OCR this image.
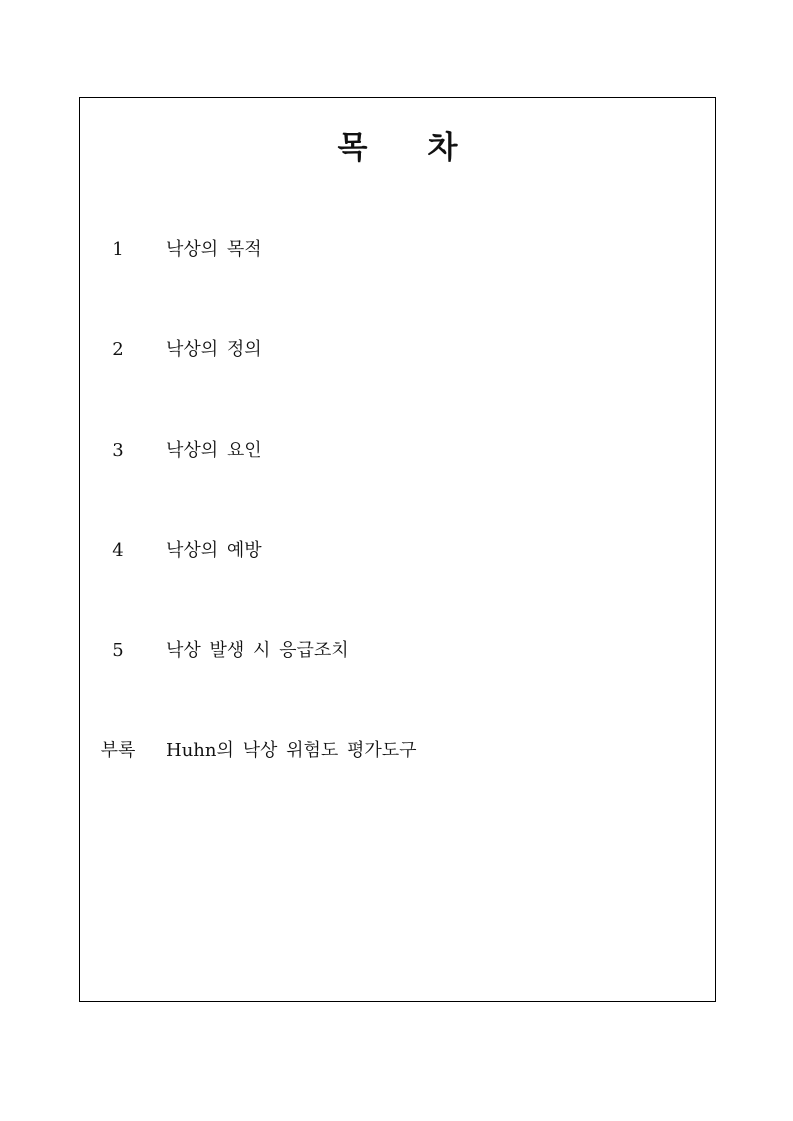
목 차
1	낙상의 목적
2	낙상의 정의
3	낙상의 요인
4	낙상의 예방
5	낙상 발생 시 응급조치
부록	Huhn의 낙상 위험도 평가도구
